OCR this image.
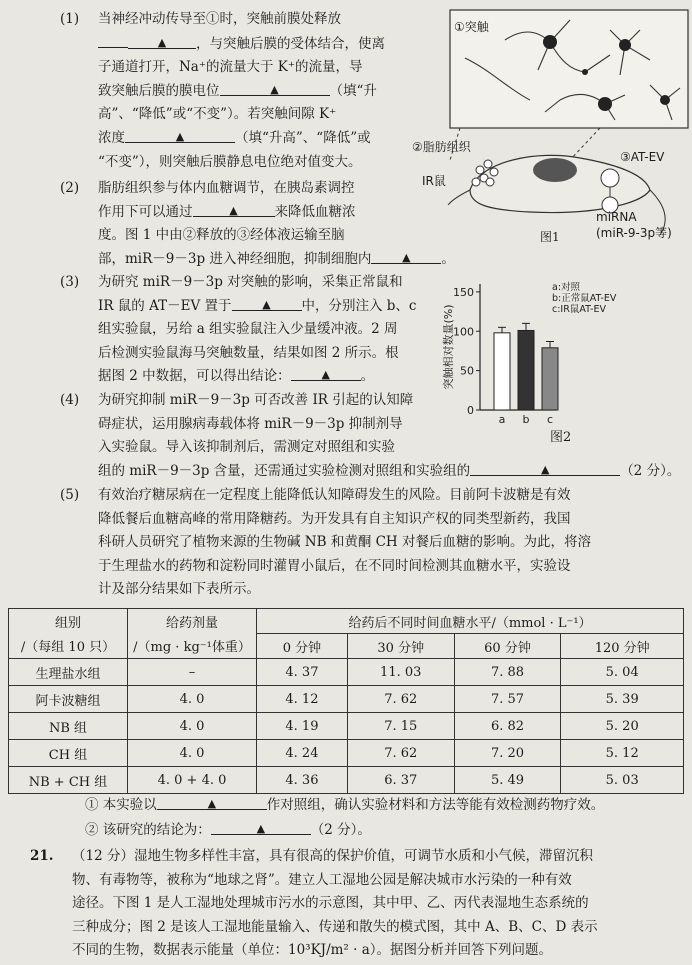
(1)	当神经冲动传导至①时，突触前膜处释放
▲ ，与突触后膜的受体结合，使离
子通道打开，Na⁺的流量大于 K⁺的流量，导
致突触后膜的膜电位	▲	（填“升
高”、“降低”或“不变”）。若突触间隙 K⁺
浓度	▲	（填“升高”、“降低”或
“不变”），则突触后膜静息电位绝对值变大。
(2)	脂肪组织参与体内血糖调节，在胰岛素调控
作用下可以通过	▲	来降低血糖浓
度。图 1 中由②释放的③经体液运输至脑
部，miR－9－3p 进入神经细胞，抑制细胞内	▲ 。
(3)	为研究 miR－9－3p 对突触的影响，采集正常鼠和
IR 鼠的 AT－EV 置于	▲ 中，分别注入 b、c
组实验鼠，另给 a 组实验鼠注入少量缓冲液。2 周
后检测实验鼠海马突触数量，结果如图 2 所示。根
据图 2 中数据，可以得出结论：	▲ 。
(4)	为研究抑制 miR－9－3p 可否改善 IR 引起的认知障
碍症状，运用腺病毒载体将 miR－9－3p 抑制剂导
入实验鼠。导入该抑制剂后，需测定对照组和实验
组的 miR－9－3p 含量，还需通过实验检测对照组和实验组的	▲	（2 分）。
(5)	有效治疗糖尿病在一定程度上能降低认知障碍发生的风险。目前阿卡波糖是有效
降低餐后血糖高峰的常用降糖药。为开发具有自主知识产权的同类型新药，我国
科研人员研究了植物来源的生物碱 NB 和黄酮 CH 对餐后血糖的影响。为此，将溶
于生理盐水的药物和淀粉同时灌胃小鼠后，在不同时间检测其血糖水平，实验设
计及部分结果如下表所示。
①突触
②脂肪组织
IR鼠
③AT-EV
miRNA
(miR-9-3p等)
图1
0
50
100
150
突触相对数量(%)
a b c
a:对照
b:正常鼠AT-EV
c:IR鼠AT-EV
图2
组别	给药剂量	给药后不同时间血糖水平/（mmol · L⁻¹）			
/（每组 10 只）	/（mg · kg⁻¹体重）	0 分钟	30 分钟	60 分钟	120 分钟
生理盐水组	–	4. 37	11. 03	7. 88	5. 04
阿卡波糖组	4. 0	4. 12	7. 62	7. 57	5. 39
NB 组	4. 0	4. 19	7. 15	6. 82	5. 20
CH 组	4. 0	4. 24	7. 62	7. 20	5. 12
NB + CH 组	4. 0 + 4. 0	4. 36	6. 37	5. 49	5. 03
① 本实验以	▲	作对照组，确认实验材料和方法等能有效检测药物疗效。
② 该研究的结论为：	▲	（2 分）。
21.	（12 分）湿地生物多样性丰富，具有很高的保护价值，可调节水质和小气候，滞留沉积
物、有毒物等，被称为“地球之肾”。建立人工湿地公园是解决城市水污染的一种有效
途径。下图 1 是人工湿地处理城市污水的示意图，其中甲、乙、丙代表湿地生态系统的
三种成分；图 2 是该人工湿地能量输入、传递和散失的模式图，其中 A、B、C、D 表示
不同的生物，数据表示能量（单位：10³KJ/m² · a）。据图分析并回答下列问题。
